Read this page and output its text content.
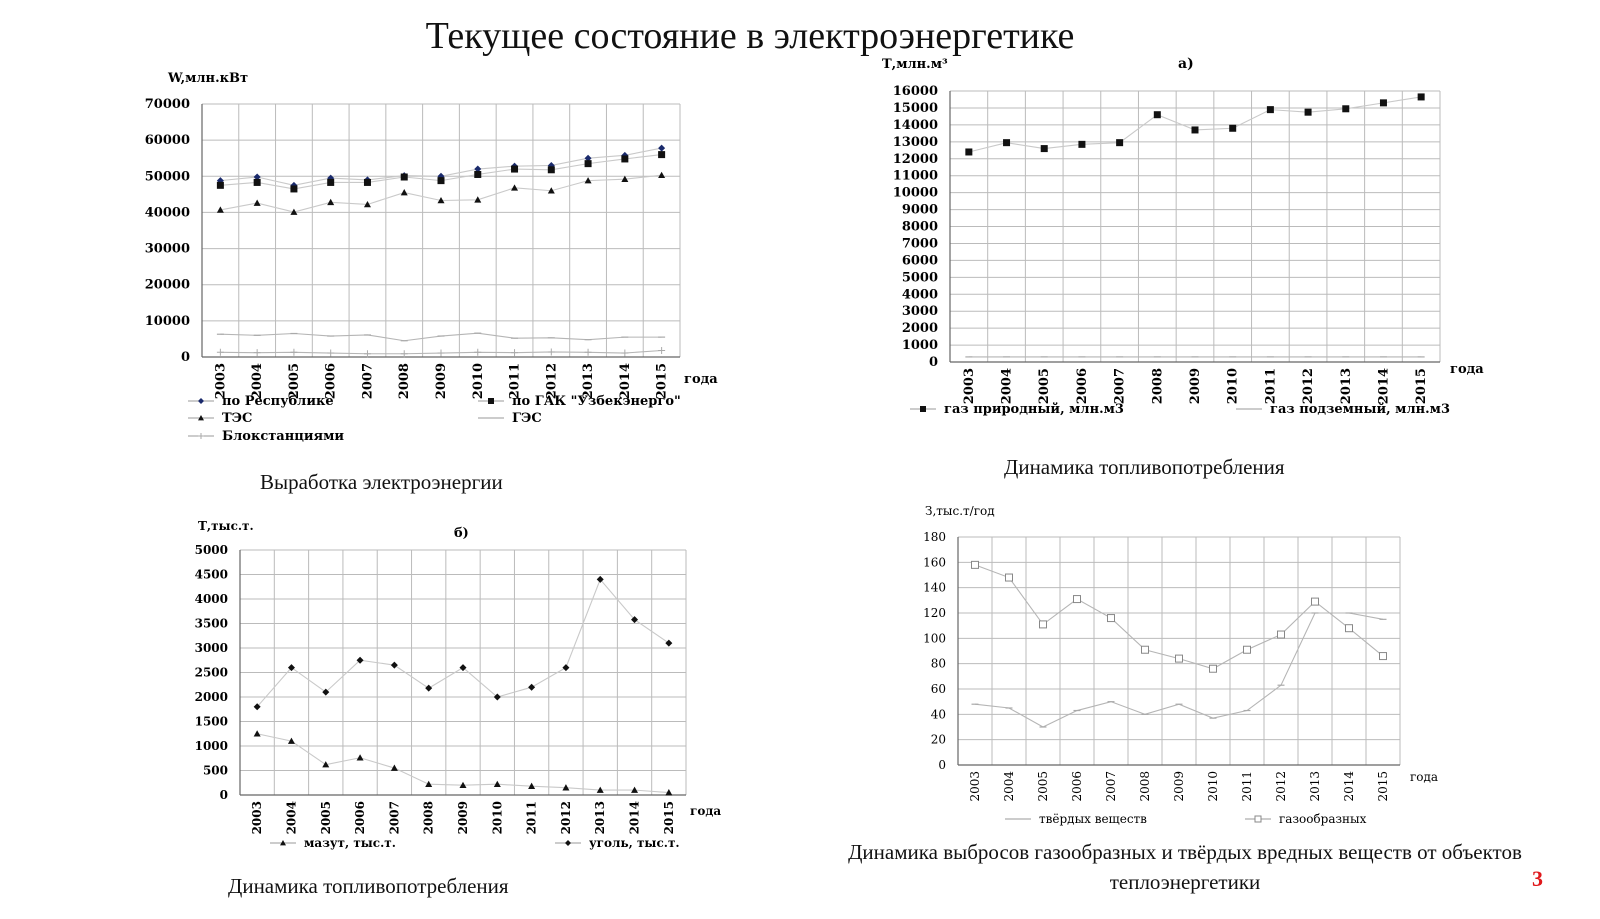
Текущее состояние в электроэнергетике
0
10000
20000
30000
40000
50000
60000
70000
2003 2004 2005 2006 2007 2008 2009 2010 2011 2012 2013 2014 2015 года
W,млн.кВт
по Республике	по ГАК "Узбекэнерго"
ТЭС	ГЭС
Блокстанциями
0
1000
2000
3000
4000
5000
6000
7000
8000
9000
10000
11000
12000
13000
14000
15000
16000
2003 2004 2005 2006 2007 2008 2009 2010 2011 2012 2013 2014 2015 года
Т,млн.м³	а)
газ природный, млн.м3	газ подземный, млн.м3
0
500
1000
1500
2000
2500
3000
3500
4000
4500
5000
2003 2004 2005 2006 2007 2008 2009 2010 2011 2012 2013 2014 2015 года
Т,тыс.т.	б)
мазут, тыс.т.	уголь, тыс.т.
0
20
40
60
80
100
120
140
160
180
2003 2004 2005 2006 2007 2008 2009 2010 2011 2012 2013 2014 2015 года
З,тыс.т/год
твёрдых веществ	газообразных
Выработка электроэнергии
Динамика топливопотребления
Динамика топливопотребления
Динамика выбросов газообразных и твёрдых вредных веществ от объектов теплоэнергетики	3
